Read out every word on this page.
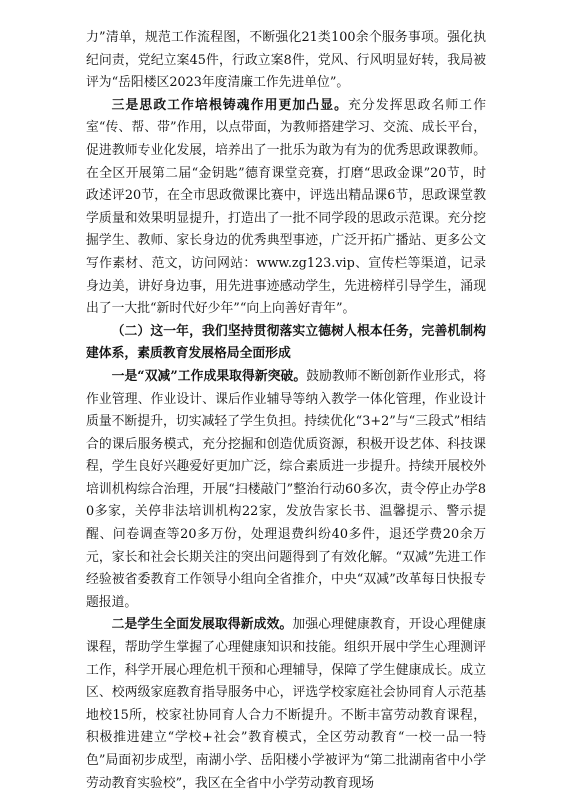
力”清单，规范工作流程图，不断强化21类100余个服务事项。强化执纪问责，党纪立案45件，行政立案8件，党风、行风明显好转，我局被评为“岳阳楼区2023年度清廉工作先进单位”。

三是思政工作培根铸魂作用更加凸显。充分发挥思政名师工作室“传、帮、带”作用，以点带面，为教师搭建学习、交流、成长平台，促进教师专业化发展，培养出了一批乐为敢为有为的优秀思政课教师。在全区开展第二届“金钥匙”德育课堂竞赛，打磨“思政金课”20节，时政述评20节，在全市思政微课比赛中，评选出精品课6节，思政课堂教学质量和效果明显提升，打造出了一批不同学段的思政示范课。充分挖掘学生、教师、家长身边的优秀典型事迹，广泛开拓广播站、更多公文写作素材、范文，访问网站：www.zg123.vip、宣传栏等渠道，记录身边美，讲好身边事，用先进事迹感动学生，先进榜样引导学生，涌现出了一大批“新时代好少年”“向上向善好青年”。

（二）这一年，我们坚持贯彻落实立德树人根本任务，完善机制构建体系，素质教育发展格局全面形成

一是“双减”工作成果取得新突破。鼓励教师不断创新作业形式，将作业管理、作业设计、课后作业辅导等纳入教学一体化管理，作业设计质量不断提升，切实减轻了学生负担。持续优化“3+2”与“三段式”相结合的课后服务模式，充分挖掘和创造优质资源，积极开设艺体、科技课程，学生良好兴趣爱好更加广泛，综合素质进一步提升。持续开展校外培训机构综合治理，开展“扫楼敲门”整治行动60多次，责令停止办学80多家，关停非法培训机构22家，发放告家长书、温馨提示、警示提醒、问卷调查等20多万份，处理退费纠纷40多件，退还学费20余万元，家长和社会长期关注的突出问题得到了有效化解。“双减”先进工作经验被省委教育工作领导小组向全省推介，中央“双减”改革每日快报专题报道。

二是学生全面发展取得新成效。加强心理健康教育，开设心理健康课程，帮助学生掌握了心理健康知识和技能。组织开展中学生心理测评工作，科学开展心理危机干预和心理辅导，保障了学生健康成长。成立区、校两级家庭教育指导服务中心，评选学校家庭社会协同育人示范基地校15所，校家社协同育人合力不断提升。不断丰富劳动教育课程，积极推进建立“学校+社会”教育模式，全区劳动教育“一校一品一特色”局面初步成型，南湖小学、岳阳楼小学被评为“第二批湖南省中小学劳动教育实验校”，我区在全省中小学劳动教育现场
